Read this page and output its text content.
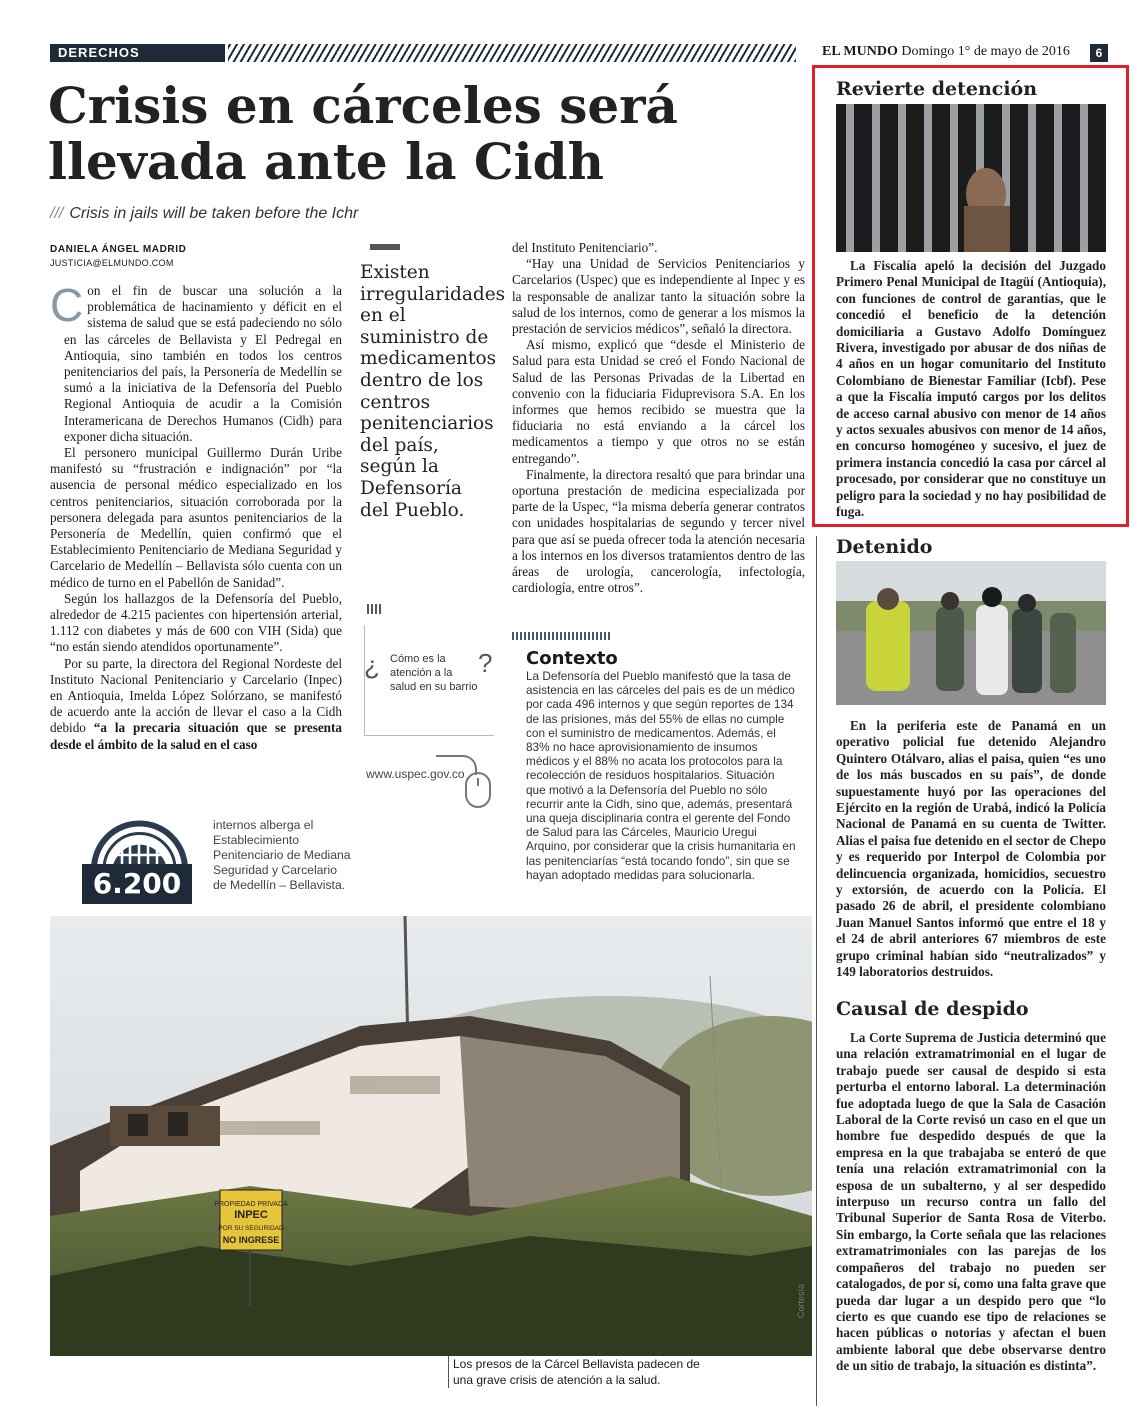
DERECHOS HUMANOS
EL MUNDO Domingo 1° de mayo de 2016	6
Crisis en cárceles será llevada ante la Cidh
/// Crisis in jails will be taken before the Ichr
DANIELA ÁNGEL MADRID
JUSTICIA@ELMUNDO.COM

Con el fin de buscar una solución a la problemática de hacinamiento y déficit en el sistema de salud que se está padeciendo no sólo en las cárceles de Bellavista y El Pedregal en Antioquia, sino también en todos los centros penitenciarios del país, la Personería de Medellín se sumó a la iniciativa de la Defensoría del Pueblo Regional Antioquia de acudir a la Comisión Interamericana de Derechos Humanos (Cidh) para exponer dicha situación.

El personero municipal Guillermo Durán Uribe manifestó su “frustración e indignación” por “la ausencia de personal médico especializado en los centros penitenciarios, situación corroborada por la personera delegada para asuntos penitenciarios de la Personería de Medellín, quien confirmó que el Establecimiento Penitenciario de Mediana Seguridad y Carcelario de Medellín – Bellavista sólo cuenta con un médico de turno en el Pabellón de Sanidad”.

Según los hallazgos de la Defensoría del Pueblo, alrededor de 4.215 pacientes con hipertensión arterial, 1.112 con diabetes y más de 600 con VIH (Sida) que “no están siendo atendidos oportunamente”.

Por su parte, la directora del Regional Nordeste del Instituto Nacional Penitenciario y Carcelario (Inpec) en Antioquia, Imelda López Solórzano, se manifestó de acuerdo ante la acción de llevar el caso a la Cidh debido “a la precaria situación que se presenta desde el ámbito de la salud en el caso

Existen irregularidades en el suministro de medicamentos dentro de los centros penitenciarios del país, según la Defensoría del Pueblo.

del Instituto Penitenciario”.

“Hay una Unidad de Servicios Penitenciarios y Carcelarios (Uspec) que es independiente al Inpec y es la responsable de analizar tanto la situación sobre la salud de los internos, como de generar a los mismos la prestación de servicios médicos”, señaló la directora.

Así mismo, explicó que “desde el Ministerio de Salud para esta Unidad se creó el Fondo Nacional de Salud de las Personas Privadas de la Libertad en convenio con la fiduciaria Fiduprevisora S.A. En los informes que hemos recibido se muestra que la fiduciaria no está enviando a la cárcel los medicamentos a tiempo y que otros no se están entregando”.

Finalmente, la directora resaltó que para brindar una oportuna prestación de medicina especializada por parte de la Uspec, “la misma debería generar contratos con unidades hospitalarias de segundo y tercer nivel para que así se pueda ofrecer toda la atención necesaria a los internos en los diversos tratamientos dentro de las áreas de urología, cancerología, infectología, cardiología, entre otros”.

¿	?
Cómo es la atención a la salud en su barrio
www.uspec.gov.co
Contexto
La Defensoría del Pueblo manifestó que la tasa de asistencia en las cárceles del país es de un médico por cada 496 internos y que según reportes de 134 de las prisiones, más del 55% de ellas no cumple con el suministro de medicamentos. Además, el 83% no hace aprovisionamiento de insumos médicos y el 88% no acata los protocolos para la recolección de residuos hospitalarios. Situación que motivó a la Defensoría del Pueblo no sólo recurrir ante la Cidh, sino que, además, presentará una queja disciplinaria contra el gerente del Fondo de Salud para las Cárceles, Mauricio Uregui Arquino, por considerar que la crisis humanitaria en las penitenciarías “está tocando fondo”, sin que se hayan adoptado medidas para solucionarla.
6.200
internos alberga el Establecimiento Penitenciario de Mediana Seguridad y Carcelario de Medellín – Bellavista.
PROPIEDAD PRIVADA
INPEC
POR SU SEGURIDAD
NO INGRESE
Cortesía
Los presos de la Cárcel Bellavista padecen de una grave crisis de atención a la salud.
Revierte detención

La Fiscalía apeló la decisión del Juzgado Primero Penal Municipal de Itagüí (Antioquia), con funciones de control de garantías, que le concedió el beneficio de la detención domiciliaria a Gustavo Adolfo Domínguez Rivera, investigado por abusar de dos niñas de 4 años en un hogar comunitario del Instituto Colombiano de Bienestar Familiar (Icbf). Pese a que la Fiscalía imputó cargos por los delitos de acceso carnal abusivo con menor de 14 años y actos sexuales abusivos con menor de 14 años, en concurso homogéneo y sucesivo, el juez de primera instancia concedió la casa por cárcel al procesado, por considerar que no constituye un peligro para la sociedad y no hay posibilidad de fuga.

Detenido

En la periferia este de Panamá en un operativo policial fue detenido Alejandro Quintero Otálvaro, alias el paisa, quien “es uno de los más buscados en su país”, de donde supuestamente huyó por las operaciones del Ejército en la región de Urabá, indicó la Policía Nacional de Panamá en su cuenta de Twitter. Alias el paisa fue detenido en el sector de Chepo y es requerido por Interpol de Colombia por delincuencia organizada, homicidios, secuestro y extorsión, de acuerdo con la Policía. El pasado 26 de abril, el presidente colombiano Juan Manuel Santos informó que entre el 18 y el 24 de abril anteriores 67 miembros de este grupo criminal habían sido “neutralizados” y 149 laboratorios destruidos.

Causal de despido

La Corte Suprema de Justicia determinó que una relación extramatrimonial en el lugar de trabajo puede ser causal de despido si esta perturba el entorno laboral. La determinación fue adoptada luego de que la Sala de Casación Laboral de la Corte revisó un caso en el que un hombre fue despedido después de que la empresa en la que trabajaba se enteró de que tenía una relación extramatrimonial con la esposa de un subalterno, y al ser despedido interpuso un recurso contra un fallo del Tribunal Superior de Santa Rosa de Viterbo. Sin embargo, la Corte señala que las relaciones extramatrimoniales con las parejas de los compañeros del trabajo no pueden ser catalogados, de por sí, como una falta grave que pueda dar lugar a un despido pero que “lo cierto es que cuando ese tipo de relaciones se hacen públicas o notorias y afectan el buen ambiente laboral que debe observarse dentro de un sitio de trabajo, la situación es distinta”.
